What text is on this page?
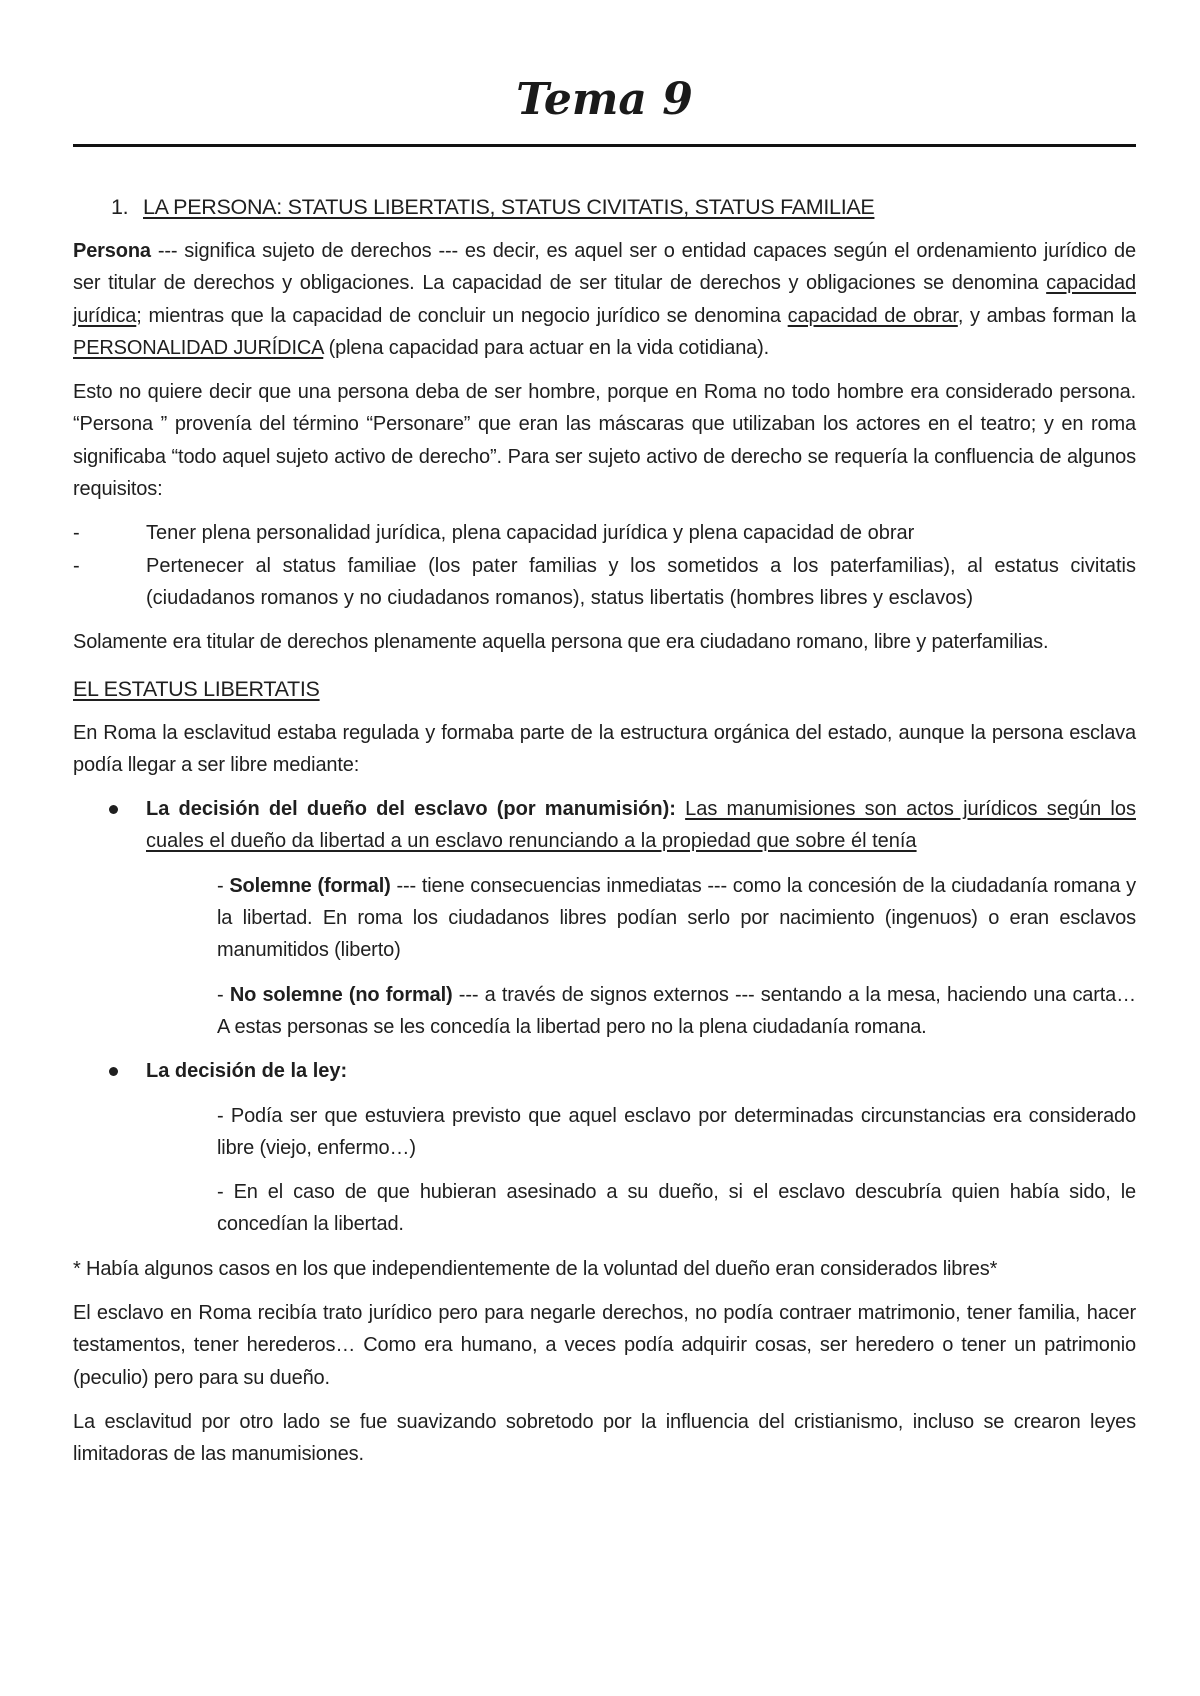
Tema 9
1. LA PERSONA: STATUS LIBERTATIS, STATUS CIVITATIS, STATUS FAMILIAE

Persona --- significa sujeto de derechos --- es decir, es aquel ser o entidad capaces según el ordenamiento jurídico de ser titular de derechos y obligaciones. La capacidad de ser titular de derechos y obligaciones se denomina capacidad jurídica; mientras que la capacidad de concluir un negocio jurídico se denomina capacidad de obrar, y ambas forman la PERSONALIDAD JURÍDICA (plena capacidad para actuar en la vida cotidiana).

Esto no quiere decir que una persona deba de ser hombre, porque en Roma no todo hombre era considerado persona. “Persona ” provenía del término “Personare” que eran las máscaras que utilizaban los actores en el teatro; y en roma significaba “todo aquel sujeto activo de derecho”. Para ser sujeto activo de derecho se requería la confluencia de algunos requisitos:

-	Tener plena personalidad jurídica, plena capacidad jurídica y plena capacidad de obrar
-	Pertenecer al status familiae (los pater familias y los sometidos a los paterfamilias), al estatus civitatis (ciudadanos romanos y no ciudadanos romanos), status libertatis (hombres libres y esclavos)

Solamente era titular de derechos plenamente aquella persona que era ciudadano romano, libre y paterfamilias.

EL ESTATUS LIBERTATIS

En Roma la esclavitud estaba regulada y formaba parte de la estructura orgánica del estado, aunque la persona esclava podía llegar a ser libre mediante:

La decisión del dueño del esclavo (por manumisión): Las manumisiones son actos jurídicos según los cuales el dueño da libertad a un esclavo renunciando a la propiedad que sobre él tenía

- Solemne (formal) --- tiene consecuencias inmediatas --- como la concesión de la ciudadanía romana y la libertad. En roma los ciudadanos libres podían serlo por nacimiento (ingenuos) o eran esclavos manumitidos (liberto)

- No solemne (no formal) --- a través de signos externos --- sentando a la mesa, haciendo una carta… A estas personas se les concedía la libertad pero no la plena ciudadanía romana.

La decisión de la ley:

- Podía ser que estuviera previsto que aquel esclavo por determinadas circunstancias era considerado libre (viejo, enfermo…)

- En el caso de que hubieran asesinado a su dueño, si el esclavo descubría quien había sido, le concedían la libertad.

* Había algunos casos en los que independientemente de la voluntad del dueño eran considerados libres*

El esclavo en Roma recibía trato jurídico pero para negarle derechos, no podía contraer matrimonio, tener familia, hacer testamentos, tener herederos… Como era humano, a veces podía adquirir cosas, ser heredero o tener un patrimonio (peculio) pero para su dueño.

La esclavitud por otro lado se fue suavizando sobretodo por la influencia del cristianismo, incluso se crearon leyes limitadoras de las manumisiones.
